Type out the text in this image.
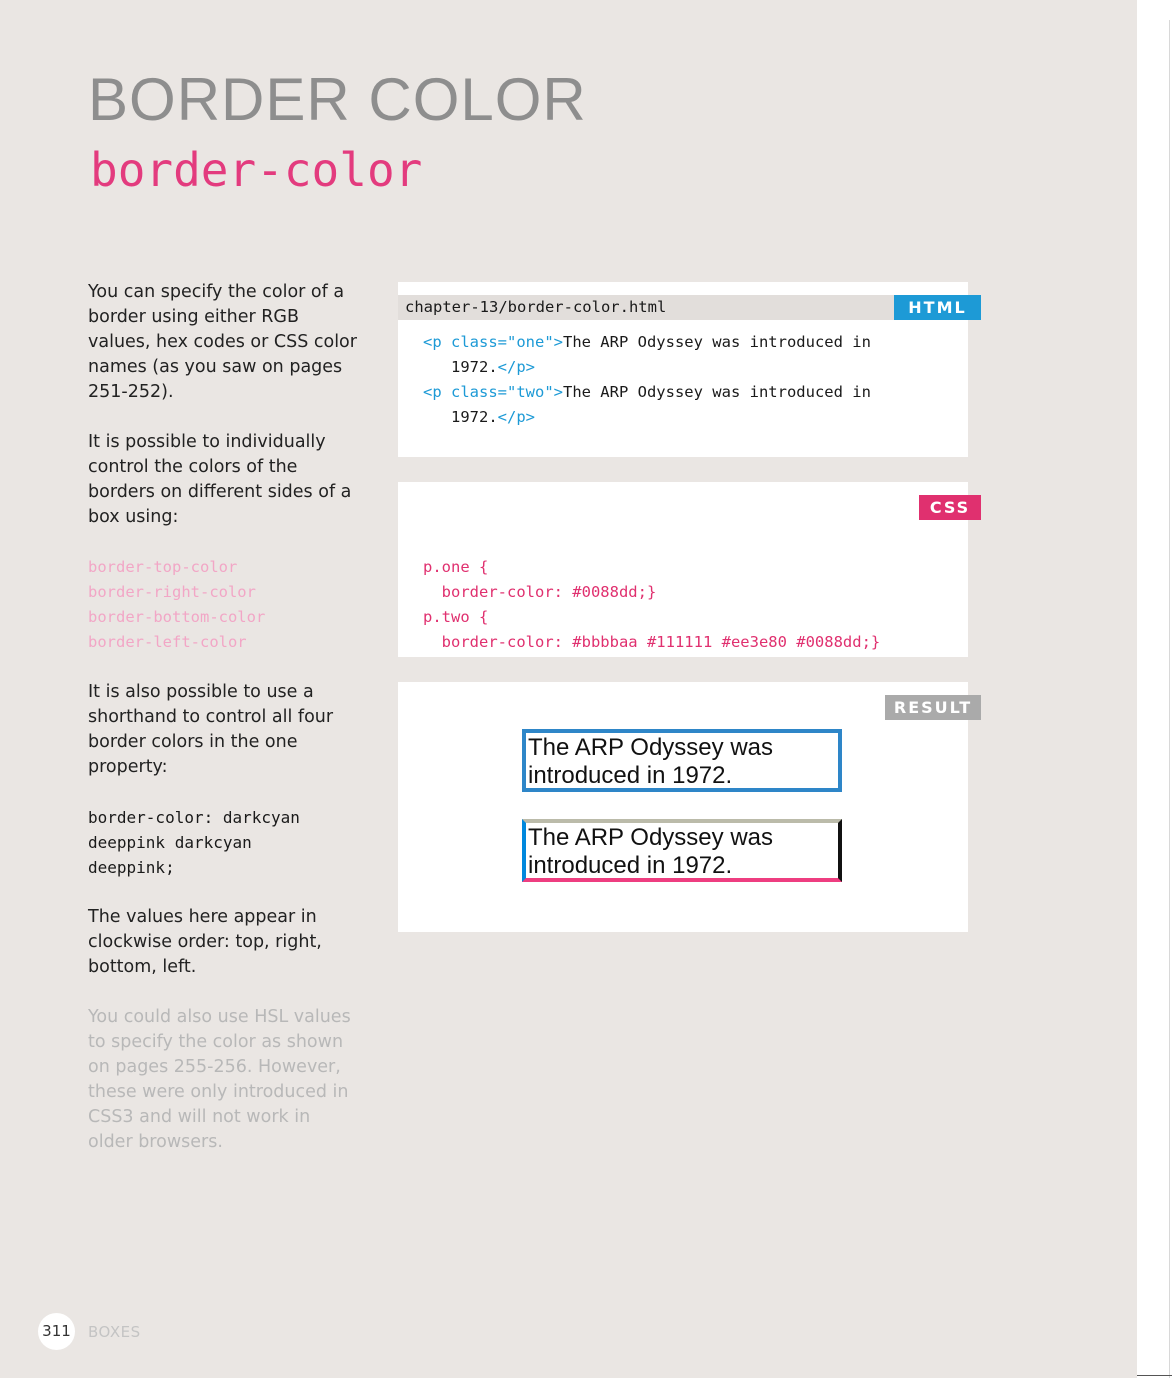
BORDER COLOR
border-color

You can specify the color of a border using either RGB values, hex codes or CSS color names (as you saw on pages 251-252).

It is possible to individually control the colors of the borders on different sides of a box using:

border-top-color
border-right-color
border-bottom-color
border-left-color

It is also possible to use a shorthand to control all four border colors in the one property:

border-color: darkcyan
deeppink darkcyan
deeppink;

The values here appear in clockwise order: top, right, bottom, left.

You could also use HSL values to specify the color as shown on pages 255-256. However, these were only introduced in CSS3 and will not work in older browsers.

chapter-13/border-color.html	HTML
<p class="one">The ARP Odyssey was introduced in
1972.</p>
<p class="two">The ARP Odyssey was introduced in
1972.</p>
CSS

p.one {
border-color: #0088dd;}
p.two {
border-color: #bbbbaa #111111 #ee3e80 #0088dd;}
RESULT
The ARP Odyssey was introduced in 1972.
The ARP Odyssey was introduced in 1972.
311 BOXES
